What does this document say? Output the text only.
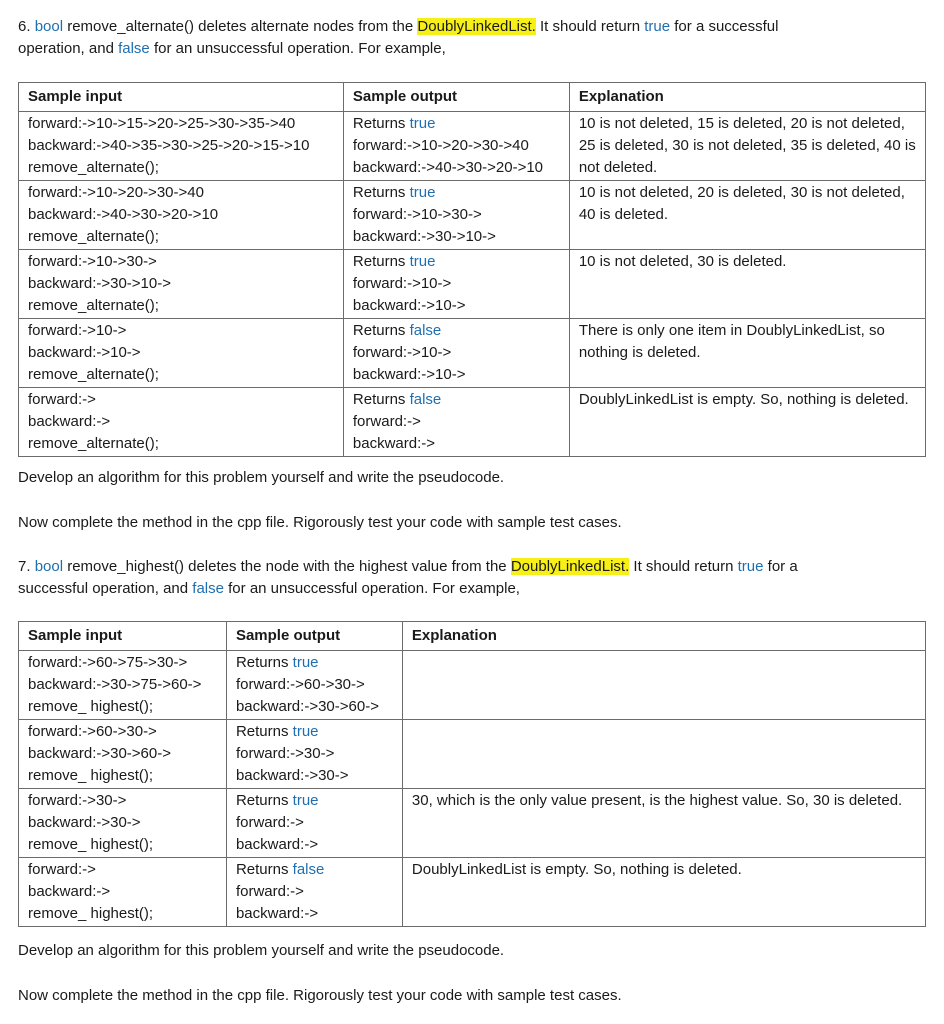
6. bool remove_alternate() deletes alternate nodes from the DoublyLinkedList. It should return true for a successful
operation, and false for an unsuccessful operation. For example,

Sample input	Sample output	Explanation

forward:->10->15->20->25->30->35->40
backward:->40->35->30->25->20->15->10
remove_alternate();	Returns true
forward:->10->20->30->40
backward:->40->30->20->10	10 is not deleted, 15 is deleted, 20 is not deleted, 25 is deleted, 30 is not deleted, 35 is deleted, 40 is not deleted.

forward:->10->20->30->40
backward:->40->30->20->10
remove_alternate();	Returns true
forward:->10->30->
backward:->30->10->	10 is not deleted, 20 is deleted, 30 is not deleted, 40 is deleted.

forward:->10->30->
backward:->30->10->
remove_alternate();	Returns true
forward:->10->
backward:->10->	10 is not deleted, 30 is deleted.

forward:->10->
backward:->10->
remove_alternate();	Returns false
forward:->10->
backward:->10->	There is only one item in DoublyLinkedList, so nothing is deleted.

forward:->
backward:->
remove_alternate();	Returns false
forward:->
backward:->	DoublyLinkedList is empty. So, nothing is deleted.

Develop an algorithm for this problem yourself and write the pseudocode.

Now complete the method in the cpp file. Rigorously test your code with sample test cases.

7. bool remove_highest() deletes the node with the highest value from the DoublyLinkedList. It should return true for a
successful operation, and false for an unsuccessful operation. For example,

Sample input	Sample output	Explanation

forward:->60->75->30->
backward:->30->75->60->
remove_ highest();	Returns true
forward:->60->30->
backward:->30->60->	

forward:->60->30->
backward:->30->60->
remove_ highest();	Returns true
forward:->30->
backward:->30->	

forward:->30->
backward:->30->
remove_ highest();	Returns true
forward:->
backward:->	30, which is the only value present, is the highest value. So, 30 is deleted.

forward:->
backward:->
remove_ highest();	Returns false
forward:->
backward:->	DoublyLinkedList is empty. So, nothing is deleted.

Develop an algorithm for this problem yourself and write the pseudocode.

Now complete the method in the cpp file. Rigorously test your code with sample test cases.
